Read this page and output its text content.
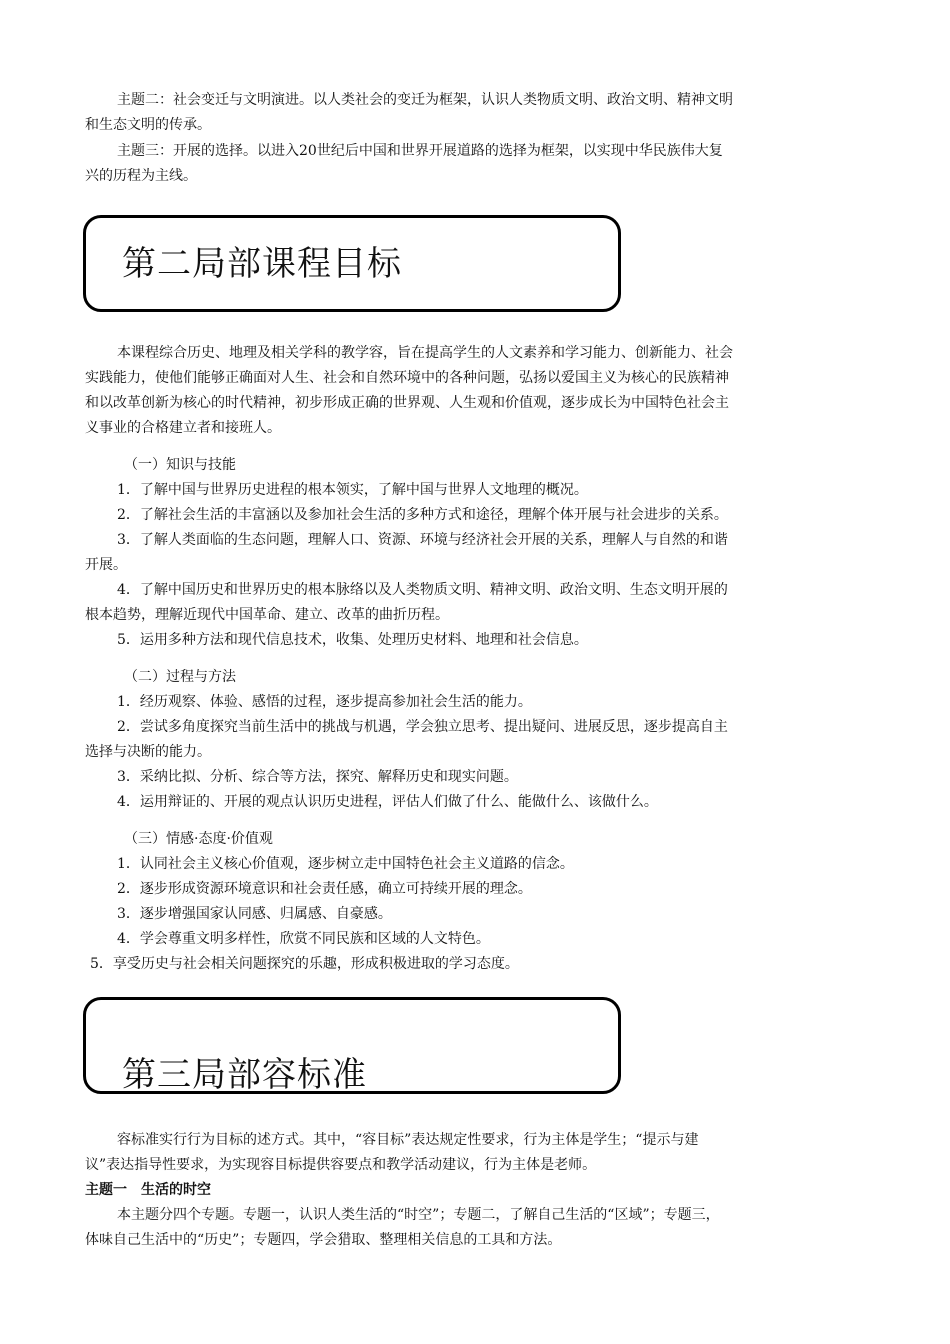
主题二：社会变迁与文明演进。以人类社会的变迁为框架，认识人类物质文明、政治文明、精神文明
和生态文明的传承。
主题三：开展的选择。以进入20世纪后中国和世界开展道路的选择为框架，以实现中华民族伟大复
兴的历程为主线。
第二局部课程目标
本课程综合历史、地理及相关学科的教学容，旨在提高学生的人文素养和学习能力、创新能力、社会
实践能力，使他们能够正确面对人生、社会和自然环境中的各种问题，弘扬以爱国主义为核心的民族精神
和以改革创新为核心的时代精神，初步形成正确的世界观、人生观和价值观，逐步成长为中国特色社会主
义事业的合格建立者和接班人。
（一）知识与技能
1．了解中国与世界历史进程的根本领实，了解中国与世界人文地理的概况。
2．了解社会生活的丰富涵以及参加社会生活的多种方式和途径，理解个体开展与社会进步的关系。
3．了解人类面临的生态问题，理解人口、资源、环境与经济社会开展的关系，理解人与自然的和谐
开展。
4．了解中国历史和世界历史的根本脉络以及人类物质文明、精神文明、政治文明、生态文明开展的
根本趋势，理解近现代中国革命、建立、改革的曲折历程。
5．运用多种方法和现代信息技术，收集、处理历史材料、地理和社会信息。
（二）过程与方法
1．经历观察、体验、感悟的过程，逐步提高参加社会生活的能力。
2．尝试多角度探究当前生活中的挑战与机遇，学会独立思考、提出疑问、进展反思，逐步提高自主
选择与决断的能力。
3．采纳比拟、分析、综合等方法，探究、解释历史和现实问题。
4．运用辩证的、开展的观点认识历史进程，评估人们做了什么、能做什么、该做什么。
（三）情感·态度·价值观
1．认同社会主义核心价值观，逐步树立走中国特色社会主义道路的信念。
2．逐步形成资源环境意识和社会责任感，确立可持续开展的理念。
3．逐步增强国家认同感、归属感、自豪感。
4．学会尊重文明多样性，欣赏不同民族和区域的人文特色。
5．享受历史与社会相关问题探究的乐趣，形成积极进取的学习态度。
第三局部容标准
容标准实行行为目标的述方式。其中，“容目标”表达规定性要求，行为主体是学生；“提示与建
议”表达指导性要求，为实现容目标提供容要点和教学活动建议，行为主体是老师。
主题一　生活的时空
本主题分四个专题。专题一，认识人类生活的“时空”；专题二，了解自己生活的“区域”；专题三，
体味自己生活中的“历史”；专题四，学会猎取、整理相关信息的工具和方法。
